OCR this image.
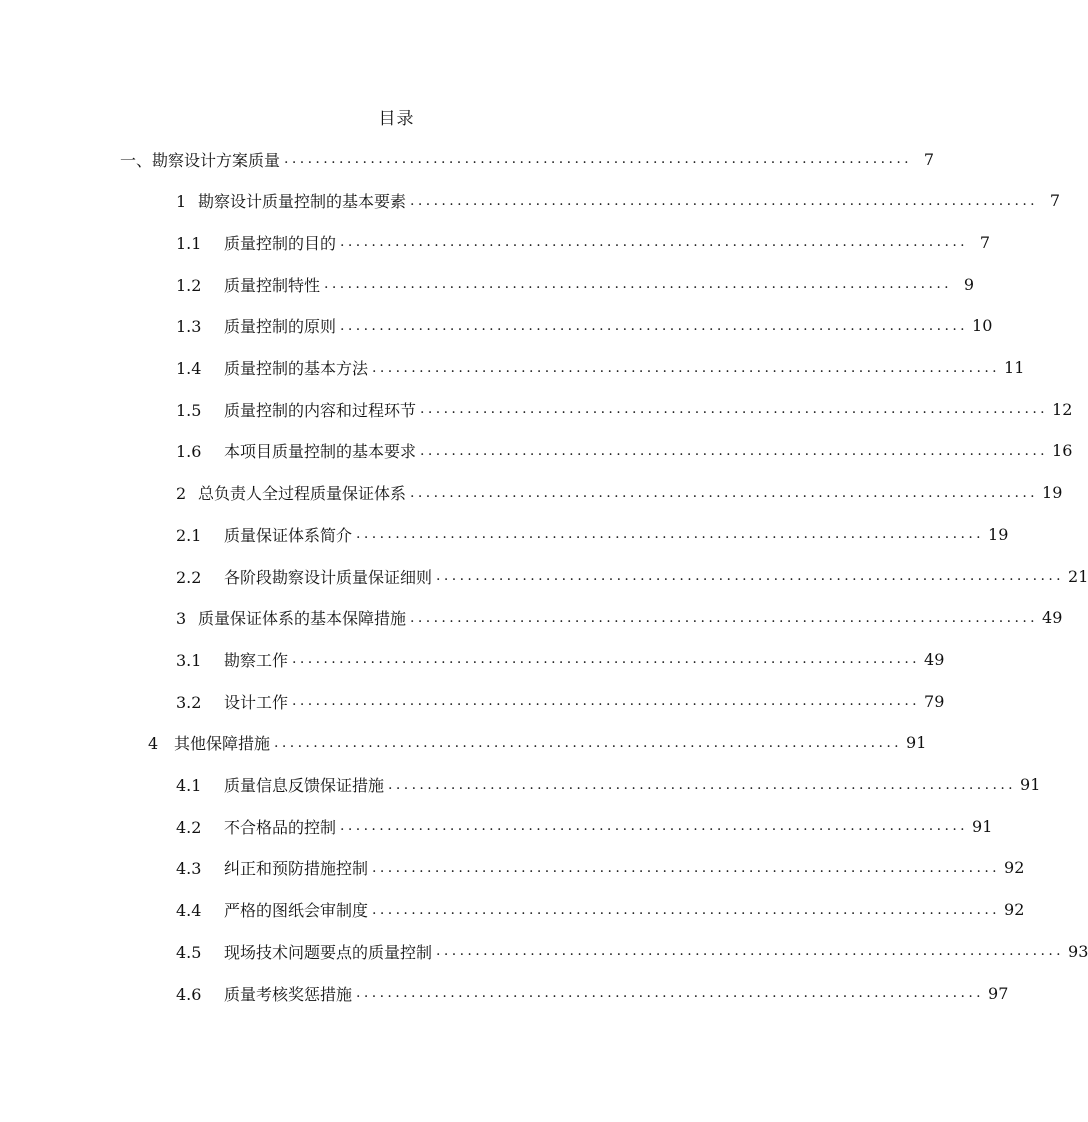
目录
一、勘察设计方案质量 ................................................................................ 7
1 勘察设计质量控制的基本要素 ................................................................................ 7
1.1 质量控制的目的 ................................................................................ 7
1.2 质量控制特性 ................................................................................ 9
1.3 质量控制的原则 ................................................................................ 10
1.4 质量控制的基本方法 ................................................................................ 11
1.5 质量控制的内容和过程环节 ................................................................................ 12
1.6 本项目质量控制的基本要求 ................................................................................ 16
2 总负责人全过程质量保证体系 ................................................................................ 19
2.1 质量保证体系简介 ................................................................................ 19
2.2 各阶段勘察设计质量保证细则 ................................................................................ 21
3 质量保证体系的基本保障措施 ................................................................................ 49
3.1 勘察工作 ................................................................................ 49
3.2 设计工作 ................................................................................ 79
4 其他保障措施 ................................................................................ 91
4.1 质量信息反馈保证措施 ................................................................................ 91
4.2 不合格品的控制 ................................................................................ 91
4.3 纠正和预防措施控制 ................................................................................ 92
4.4 严格的图纸会审制度 ................................................................................ 92
4.5 现场技术问题要点的质量控制 ................................................................................ 93
4.6 质量考核奖惩措施 ................................................................................ 97
